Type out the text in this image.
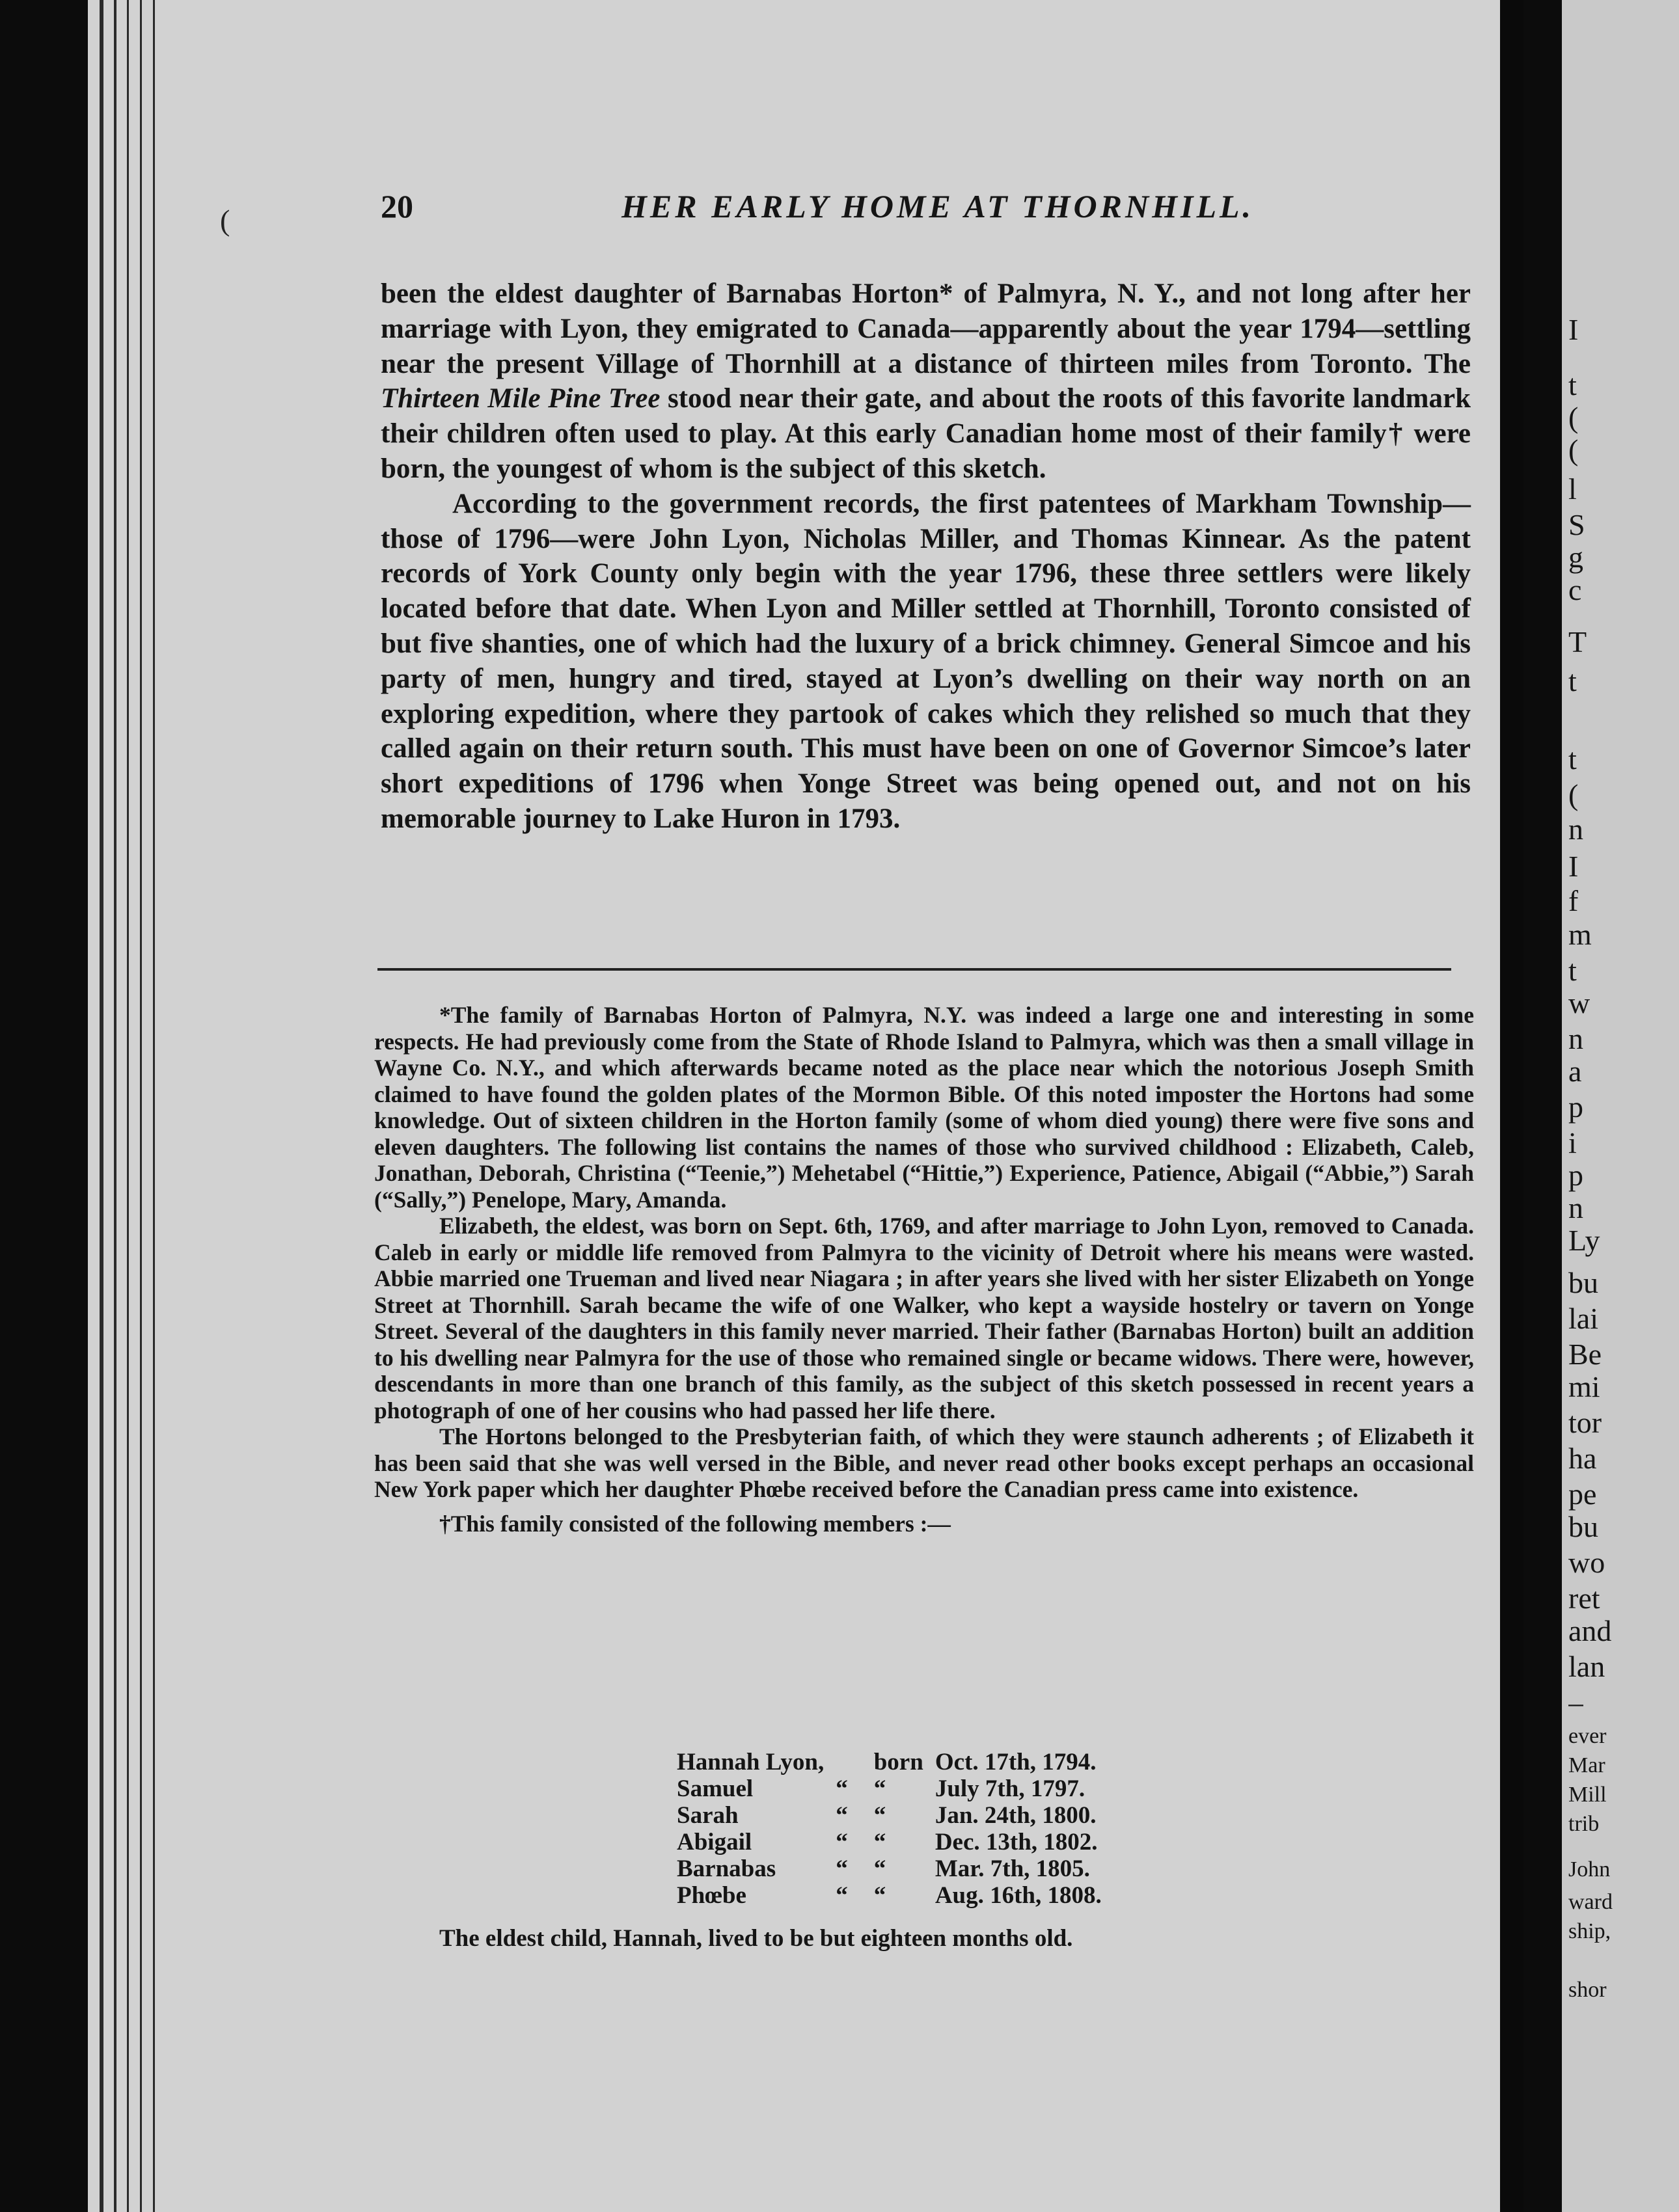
(	20	HER EARLY HOME AT THORNHILL.

been the eldest daughter of Barnabas Horton* of Palmyra, N. Y., and not long after her marriage with Lyon, they emigrated to Canada—apparently about the year 1794—settling near the present Village of Thornhill at a distance of thirteen miles from Toronto. The Thirteen Mile Pine Tree stood near their gate, and about the roots of this favorite landmark their children often used to play. At this early Canadian home most of their family† were born, the youngest of whom is the subject of this sketch.

According to the government records, the first patentees of Markham Township—those of 1796—were John Lyon, Nicholas Miller, and Thomas Kinnear. As the patent records of York County only begin with the year 1796, these three settlers were likely located before that date. When Lyon and Miller settled at Thornhill, Toronto consisted of but five shanties, one of which had the luxury of a brick chimney. General Simcoe and his party of men, hungry and tired, stayed at Lyon’s dwelling on their way north on an exploring expedition, where they partook of cakes which they relished so much that they called again on their return south. This must have been on one of Governor Simcoe’s later short expeditions of 1796 when Yonge Street was being opened out, and not on his memorable journey to Lake Huron in 1793.

*The family of Barnabas Horton of Palmyra, N.Y. was indeed a large one and interesting in some respects. He had previously come from the State of Rhode Island to Palmyra, which was then a small village in Wayne Co. N.Y., and which afterwards became noted as the place near which the notorious Joseph Smith claimed to have found the golden plates of the Mormon Bible. Of this noted imposter the Hortons had some knowledge. Out of sixteen children in the Horton family (some of whom died young) there were five sons and eleven daughters. The following list contains the names of those who survived childhood : Elizabeth, Caleb, Jonathan, Deborah, Christina (“Teenie,”) Mehetabel (“Hittie,”) Experience, Patience, Abigail (“Abbie,”) Sarah (“Sally,”) Penelope, Mary, Amanda.

Elizabeth, the eldest, was born on Sept. 6th, 1769, and after marriage to John Lyon, removed to Canada. Caleb in early or middle life removed from Palmyra to the vicinity of Detroit where his means were wasted. Abbie married one Trueman and lived near Niagara ; in after years she lived with her sister Elizabeth on Yonge Street at Thornhill. Sarah became the wife of one Walker, who kept a wayside hostelry or tavern on Yonge Street. Several of the daughters in this family never married. Their father (Barnabas Horton) built an addition to his dwelling near Palmyra for the use of those who remained single or became widows. There were, however, descendants in more than one branch of this family, as the subject of this sketch possessed in recent years a photograph of one of her cousins who had passed her life there.

The Hortons belonged to the Presbyterian faith, of which they were staunch adherents ; of Elizabeth it has been said that she was well versed in the Bible, and never read other books except perhaps an occasional New York paper which her daughter Phœbe received before the Canadian press came into existence.

†This family consisted of the following members :—

Hannah Lyon,		born	Oct. 17th, 1794.
Samuel	“	“	July 7th, 1797.
Sarah	“	“	Jan. 24th, 1800.
Abigail	“	“	Dec. 13th, 1802.
Barnabas	“	“	Mar. 7th, 1805.
Phœbe	“	“	Aug. 16th, 1808.
The eldest child, Hannah, lived to be but eighteen months old.
I
t
(
(
l
S
g
c
T
t
t
(
n
I
f
m
t
w
n
a
p
i
p
n
Ly
bu
lai
Be
mi
tor
ha
pe
bu
wo
ret
and
lan
–
ever
Mar
Mill
trib
John
ward
ship,
shor
